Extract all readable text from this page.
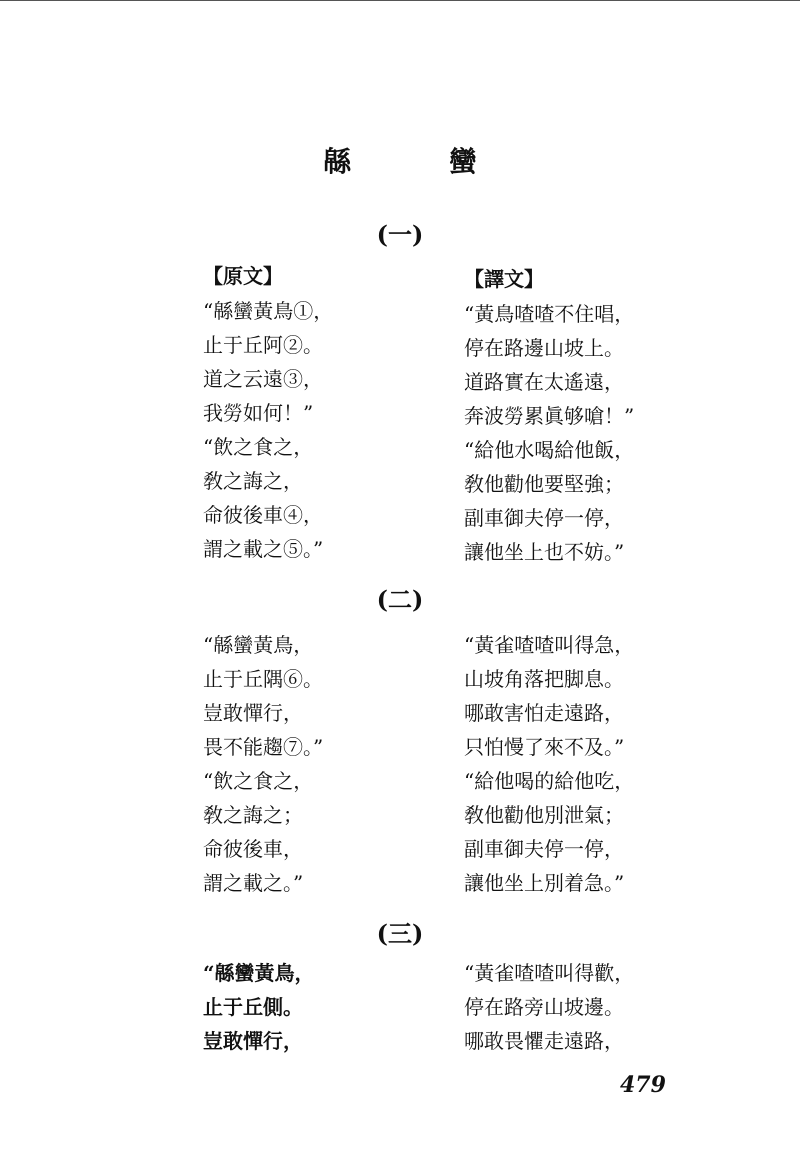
緜 蠻
(一)
【原文】	【譯文】
“緜蠻黃鳥①，
止于丘阿②。
道之云遠③，
我勞如何！”
“飲之食之，
敎之誨之，
命彼後車④，
謂之載之⑤。”
“黃鳥喳喳不住唱，
停在路邊山坡上。
道路實在太遙遠，
奔波勞累眞够嗆！”
“給他水喝給他飯，
敎他勸他要堅強；
副車御夫停一停，
讓他坐上也不妨。”
(二)
“緜蠻黃鳥，
止于丘隅⑥。
豈敢憚行，
畏不能趨⑦。”
“飲之食之，
敎之誨之；
命彼後車，
謂之載之。”
“黃雀喳喳叫得急，
山坡角落把脚息。
哪敢害怕走遠路，
只怕慢了來不及。”
“給他喝的給他吃，
敎他勸他別泄氣；
副車御夫停一停，
讓他坐上別着急。”
(三)
“緜蠻黃鳥，
止于丘側。
豈敢憚行，
“黃雀喳喳叫得歡，
停在路旁山坡邊。
哪敢畏懼走遠路，
479
